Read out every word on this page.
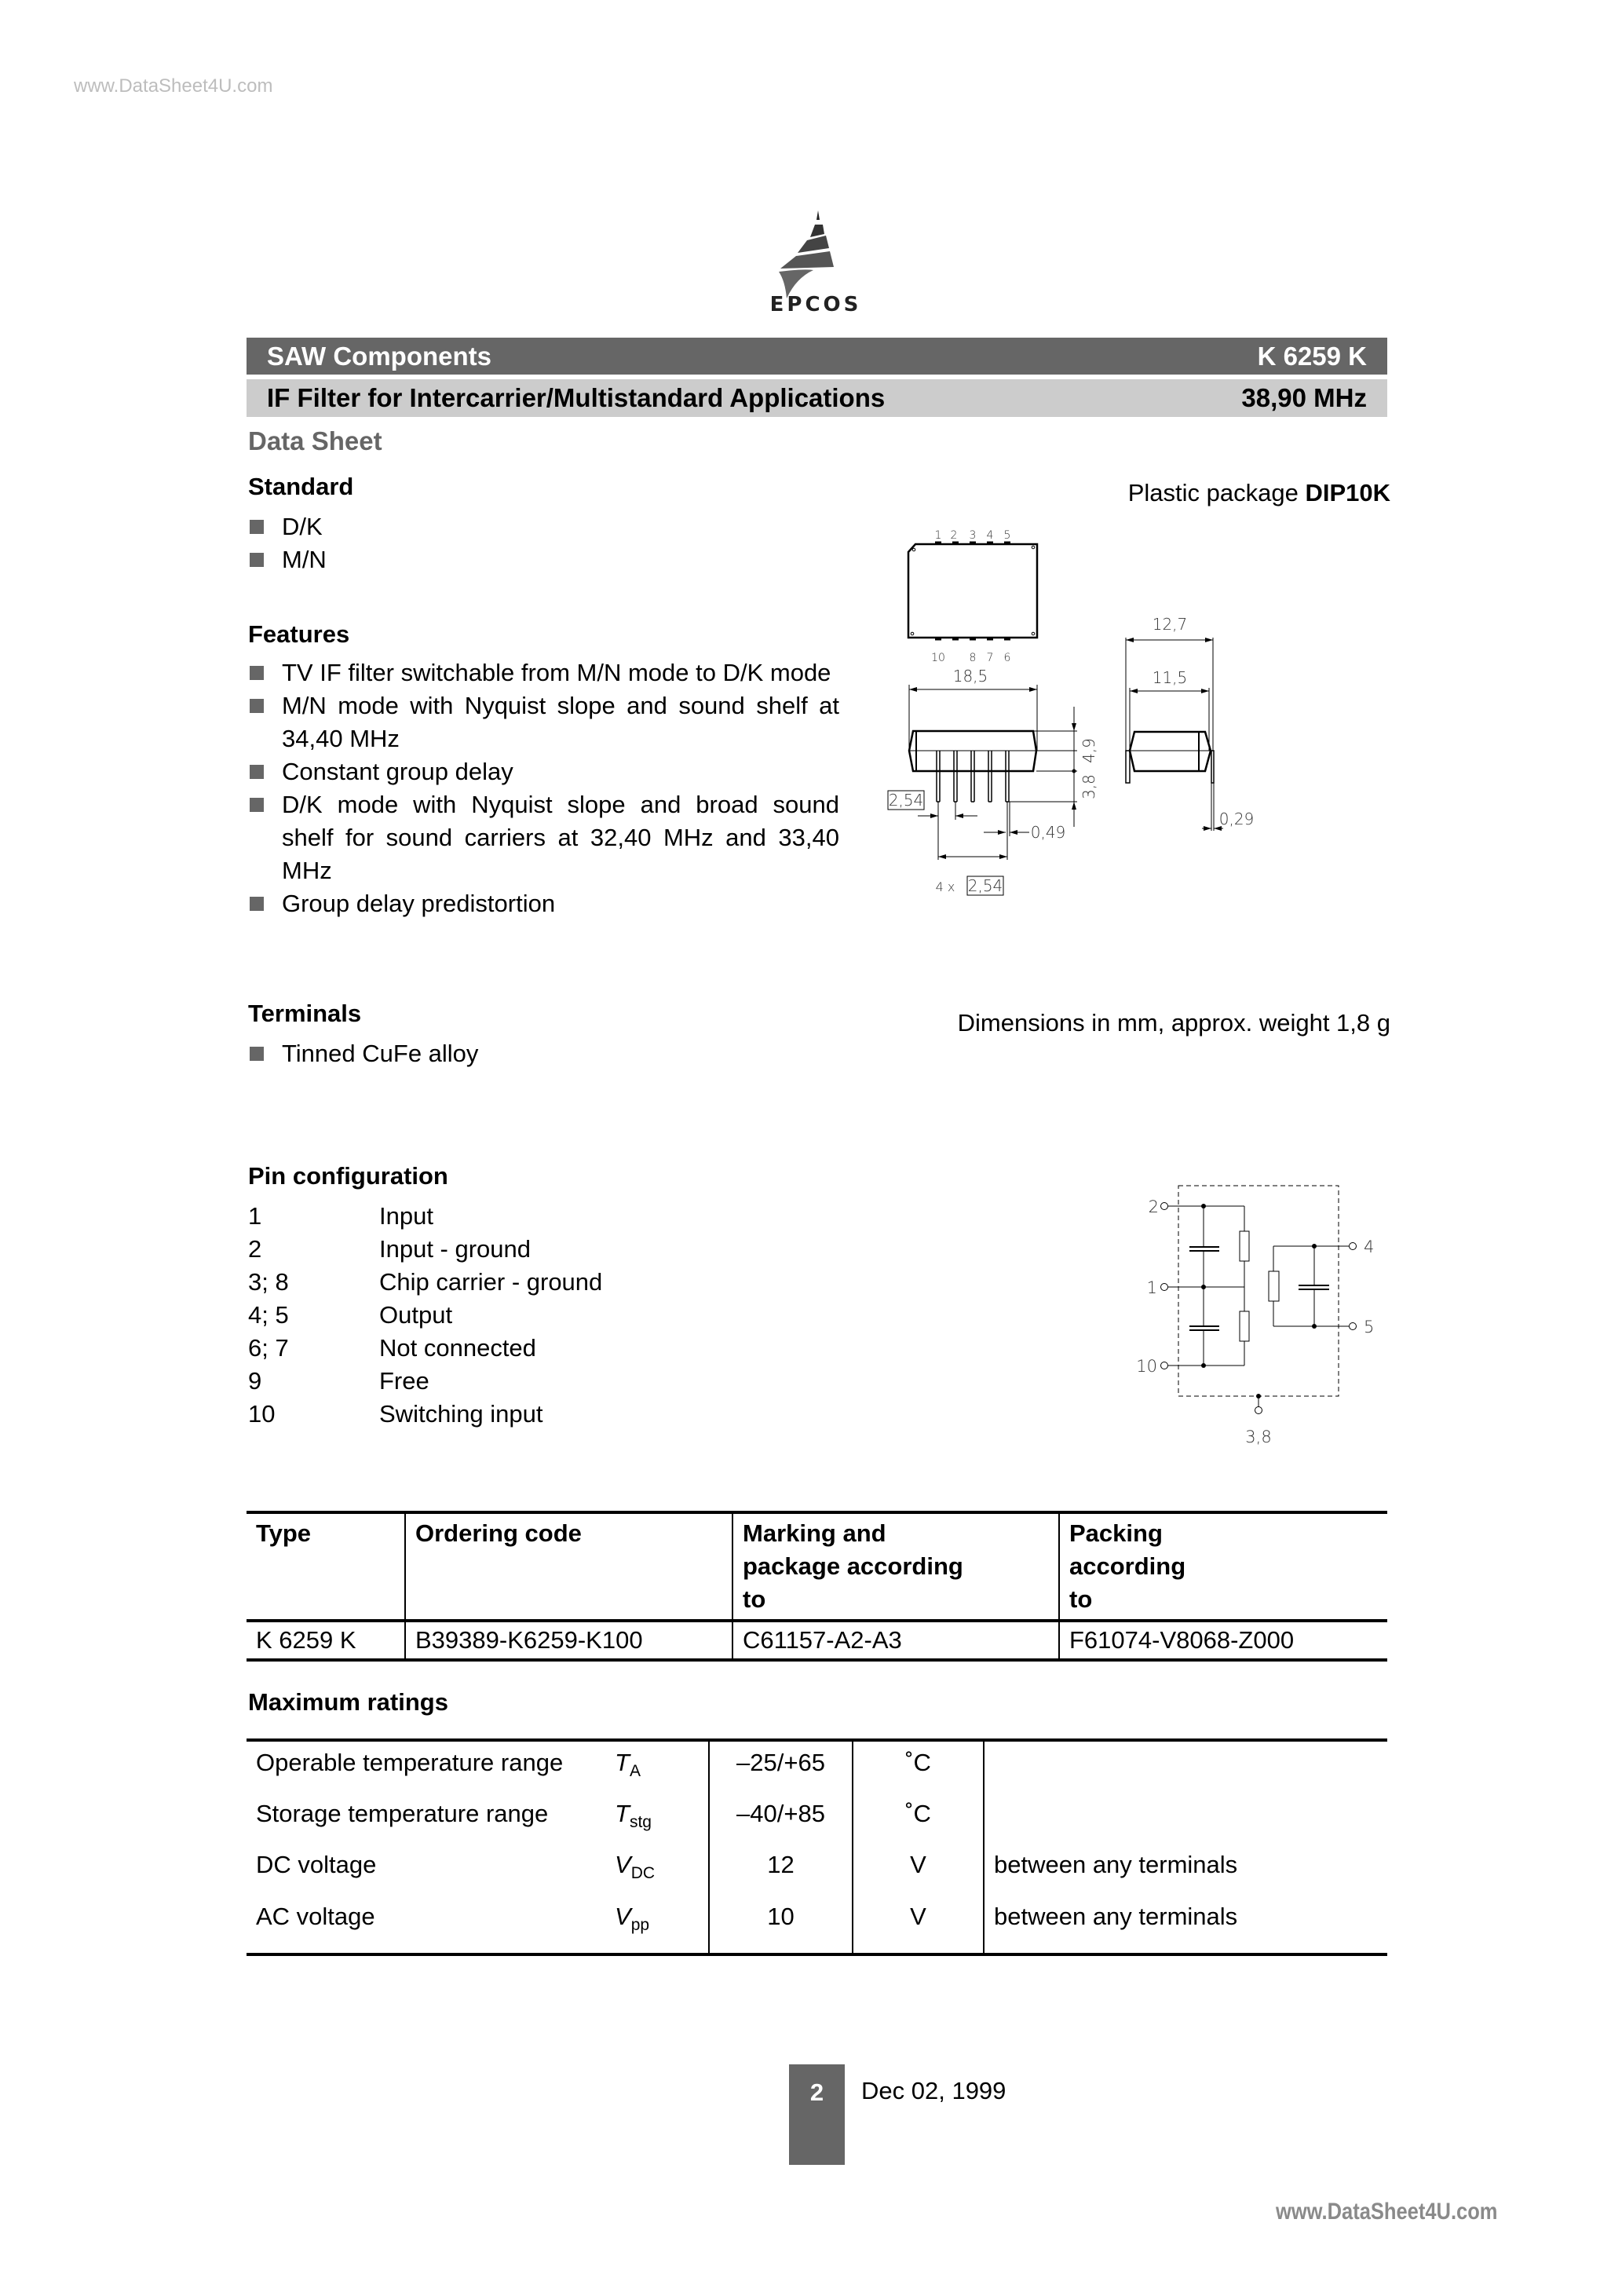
www.DataSheet4U.com
EPCOS
SAW Components	K 6259 K
IF Filter for Intercarrier/Multistandard Applications	38,90 MHz
Data Sheet
Standard
D/K
M/N
Features
TV IF filter switchable from M/N mode to D/K mode
M/N mode with Nyquist slope and sound shelf at 34,40 MHz
Constant group delay
D/K mode with Nyquist slope and broad sound shelf for sound carriers at 32,40 MHz and 33,40 MHz
Group delay predistortion
Terminals
Tinned CuFe alloy
Plastic package DIP10K
Dimensions in mm, approx. weight 1,8 g
1 2 3 4 5
10 8 7 6
18,5
4,9
3,8
2,54
0,49
4 x 2,54
12,7
11,5
0,29
Pin configuration
1	Input
2	Input - ground
3; 8	Chip carrier - ground
4; 5	Output
6; 7	Not connected
9	Free
10	Switching input
2
1
10
4
5
3,8
Type	Ordering code	Marking and package according to	Packing according to
K 6259 K	B39389-K6259-K100	C61157-A2-A3	F61074-V8068-Z000
Maximum ratings
Operable temperature range	$T_A$	–25/+65	˚C	
Storage temperature range	$T_{stg}$	–40/+85	˚C	
DC voltage	$V_{DC}$	12	V	between any terminals
AC voltage	$V_{pp}$	10	V	between any terminals
2	Dec 02, 1999
www.DataSheet4U.com
